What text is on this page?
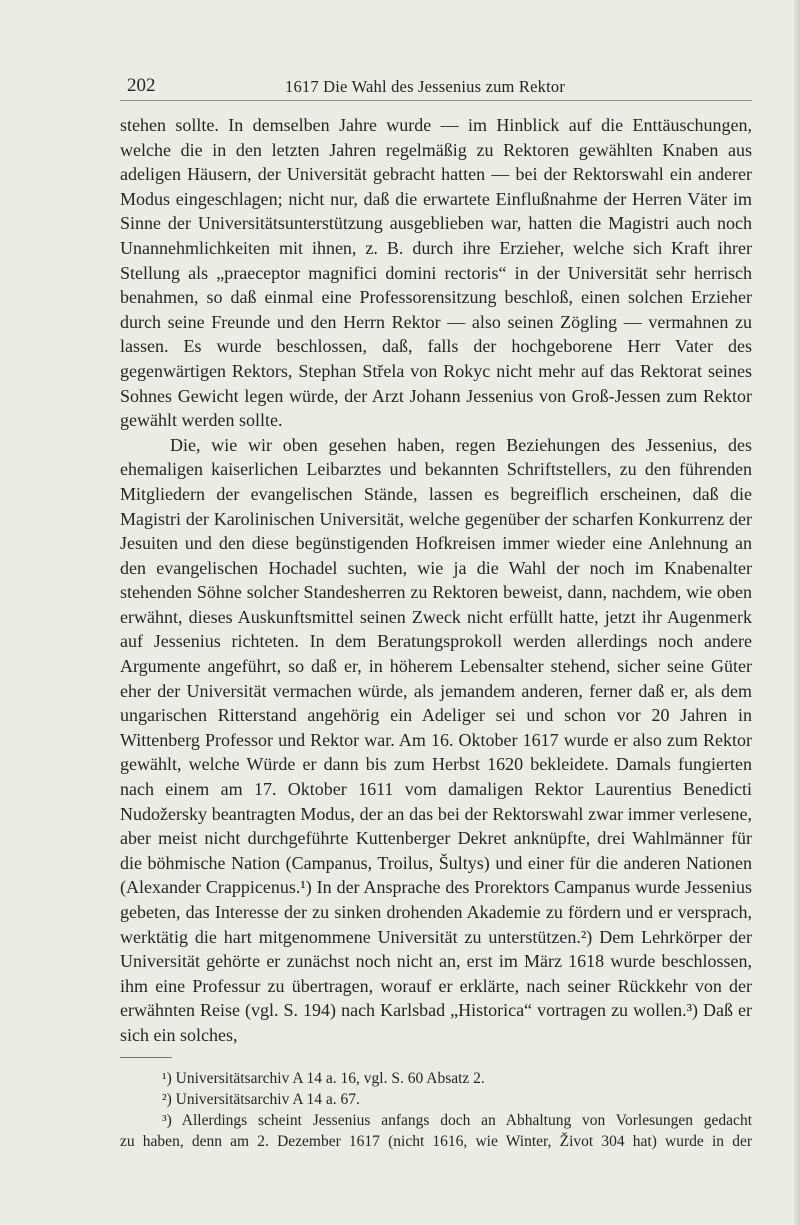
202	1617 Die Wahl des Jessenius zum Rektor

stehen sollte. In demselben Jahre wurde — im Hinblick auf die Enttäuschungen, welche die in den letzten Jahren regelmäßig zu Rektoren gewählten Knaben aus adeligen Häusern, der Universität gebracht hatten — bei der Rektorswahl ein anderer Modus eingeschlagen; nicht nur, daß die erwartete Einflußnahme der Herren Väter im Sinne der Universitätsunterstützung ausgeblieben war, hatten die Magistri auch noch Unannehmlichkeiten mit ihnen, z. B. durch ihre Erzieher, welche sich Kraft ihrer Stellung als „praeceptor magnifici domini rectoris“ in der Universität sehr herrisch benahmen, so daß einmal eine Professorensitzung beschloß, einen solchen Erzieher durch seine Freunde und den Herrn Rektor — also seinen Zögling — vermahnen zu lassen. Es wurde beschlossen, daß, falls der hochgeborene Herr Vater des gegenwärtigen Rektors, Stephan Střela von Rokyc nicht mehr auf das Rektorat seines Sohnes Gewicht legen würde, der Arzt Johann Jessenius von Groß-Jessen zum Rektor gewählt werden sollte.

Die, wie wir oben gesehen haben, regen Beziehungen des Jessenius, des ehemaligen kaiserlichen Leibarztes und bekannten Schriftstellers, zu den führenden Mitgliedern der evangelischen Stände, lassen es begreiflich erscheinen, daß die Magistri der Karolinischen Universität, welche gegenüber der scharfen Konkurrenz der Jesuiten und den diese begünstigenden Hofkreisen immer wieder eine Anlehnung an den evangelischen Hochadel suchten, wie ja die Wahl der noch im Knabenalter stehenden Söhne solcher Standesherren zu Rektoren beweist, dann, nachdem, wie oben erwähnt, dieses Auskunftsmittel seinen Zweck nicht erfüllt hatte, jetzt ihr Augenmerk auf Jessenius richteten. In dem Beratungsprokoll werden allerdings noch andere Argumente angeführt, so daß er, in höherem Lebensalter stehend, sicher seine Güter eher der Universität vermachen würde, als jemandem anderen, ferner daß er, als dem ungarischen Ritterstand angehörig ein Adeliger sei und schon vor 20 Jahren in Wittenberg Professor und Rektor war. Am 16. Oktober 1617 wurde er also zum Rektor gewählt, welche Würde er dann bis zum Herbst 1620 bekleidete. Damals fungierten nach einem am 17. Oktober 1611 vom damaligen Rektor Laurentius Benedicti Nudožersky beantragten Modus, der an das bei der Rektorswahl zwar immer verlesene, aber meist nicht durchgeführte Kuttenberger Dekret anknüpfte, drei Wahlmänner für die böhmische Nation (Campanus, Troilus, Šultys) und einer für die anderen Nationen (Alexander Crappicenus.¹) In der Ansprache des Prorektors Campanus wurde Jessenius gebeten, das Interesse der zu sinken drohenden Akademie zu fördern und er versprach, werktätig die hart mitgenommene Universität zu unterstützen.²) Dem Lehrkörper der Universität gehörte er zunächst noch nicht an, erst im März 1618 wurde beschlossen, ihm eine Professur zu übertragen, worauf er erklärte, nach seiner Rückkehr von der erwähnten Reise (vgl. S. 194) nach Karlsbad „Historica“ vortragen zu wollen.³) Daß er sich ein solches,

¹) Universitätsarchiv A 14 a. 16, vgl. S. 60 Absatz 2.

²) Universitätsarchiv A 14 a. 67.

³) Allerdings scheint Jessenius anfangs doch an Abhaltung von Vorlesungen gedacht

zu haben, denn am 2. Dezember 1617 (nicht 1616, wie Winter, Život 304 hat) wurde in der
